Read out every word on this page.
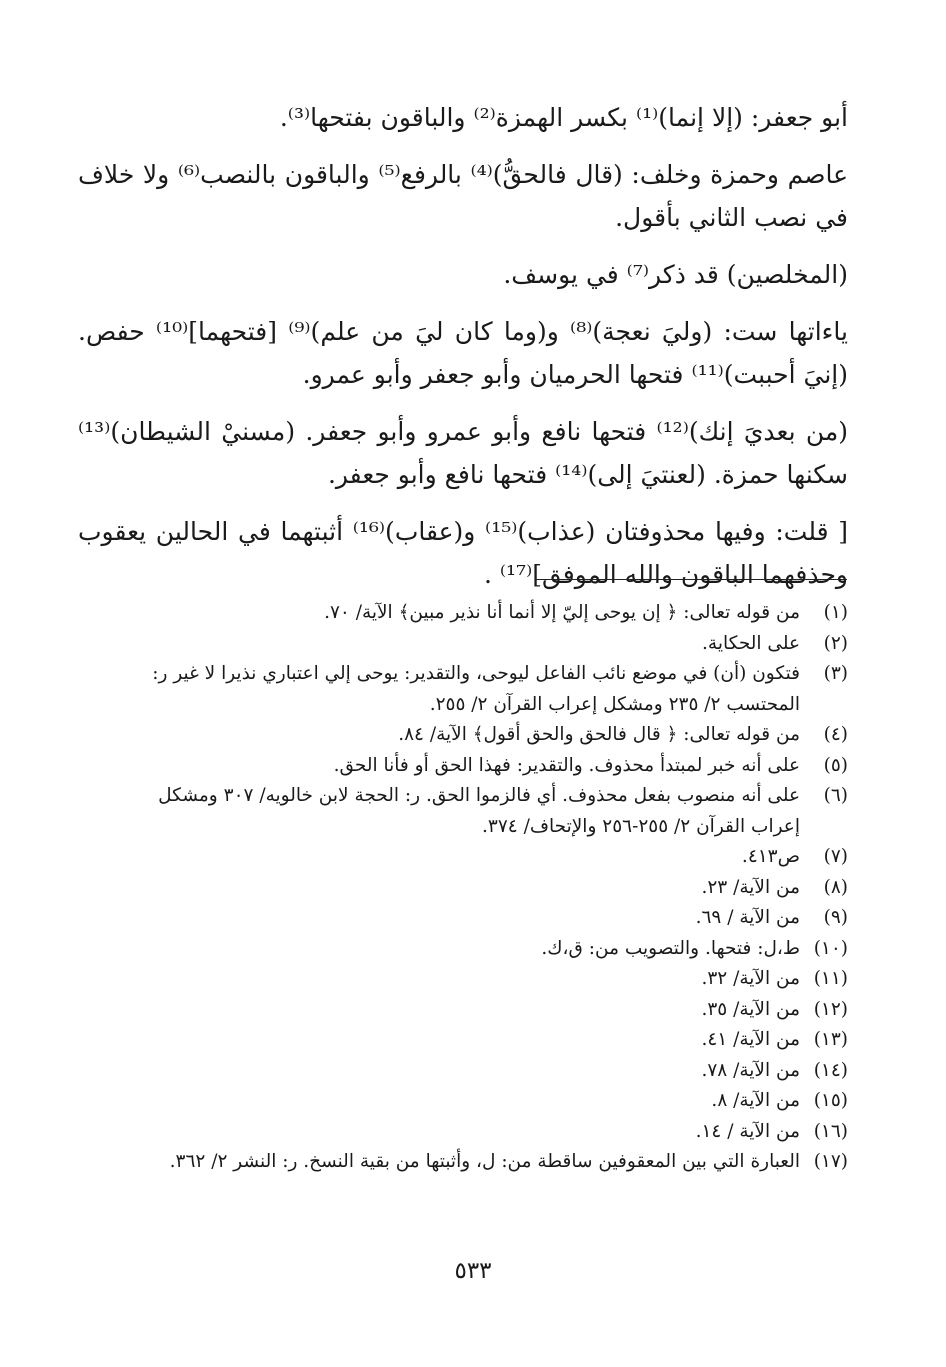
أبو جعفر: (إلا إنما)⁽¹⁾ بكسر الهمزة⁽²⁾ والباقون بفتحها⁽³⁾.

عاصم وحمزة وخلف: (قال فالحقُّ)⁽⁴⁾ بالرفع⁽⁵⁾ والباقون بالنصب⁽⁶⁾ ولا خلاف في نصب الثاني بأقول.

(المخلصين) قد ذكر⁽⁷⁾ في يوسف.

ياءاتها ست: (وليَ نعجة)⁽⁸⁾ و(وما كان ليَ من علم)⁽⁹⁾ [فتحهما]⁽¹⁰⁾ حفص. (إنيَ أحببت)⁽¹¹⁾ فتحها الحرميان وأبو جعفر وأبو عمرو.

(من بعديَ إنك)⁽¹²⁾ فتحها نافع وأبو عمرو وأبو جعفر. (مسنيْ الشيطان)⁽¹³⁾ سكنها حمزة. (لعنتيَ إلى)⁽¹⁴⁾ فتحها نافع وأبو جعفر.

[ قلت: وفيها محذوفتان (عذاب)⁽¹⁵⁾ و(عقاب)⁽¹⁶⁾ أثبتهما في الحالين يعقوب وحذفهما الباقون والله الموفق]⁽¹⁷⁾ .

(١)
من قوله تعالى: ﴿ إن يوحى إليّ إلا أنما أنا نذير مبين﴾ الآية/ ٧٠.
(٢)
على الحكاية.
(٣)
فتكون (أن) في موضع نائب الفاعل ليوحى، والتقدير: يوحى إلي اعتباري نذيرا لا غير ر: المحتسب ٢/ ٢٣٥ ومشكل إعراب القرآن ٢/ ٢٥٥.
(٤)
من قوله تعالى: ﴿ قال فالحق والحق أقول﴾ الآية/ ٨٤.
(٥)
على أنه خبر لمبتدأ محذوف. والتقدير: فهذا الحق أو فأنا الحق.
(٦)
على أنه منصوب بفعل محذوف. أي فالزموا الحق. ر: الحجة لابن خالويه/ ٣٠٧ ومشكل إعراب القرآن ٢/ ٢٥٥-٢٥٦ والإتحاف/ ٣٧٤.
(٧)
ص٤١٣.
(٨)
من الآية/ ٢٣.
(٩)
من الآية / ٦٩.
(١٠)
ط،ل: فتحها. والتصويب من: ق،ك.
(١١)
من الآية/ ٣٢.
(١٢)
من الآية/ ٣٥.
(١٣)
من الآية/ ٤١.
(١٤)
من الآية/ ٧٨.
(١٥)
من الآية/ ٨.
(١٦)
من الآية / ١٤.
(١٧)
العبارة التي بين المعقوفين ساقطة من: ل، وأثبتها من بقية النسخ. ر: النشر ٢/ ٣٦٢.
٥٣٣
